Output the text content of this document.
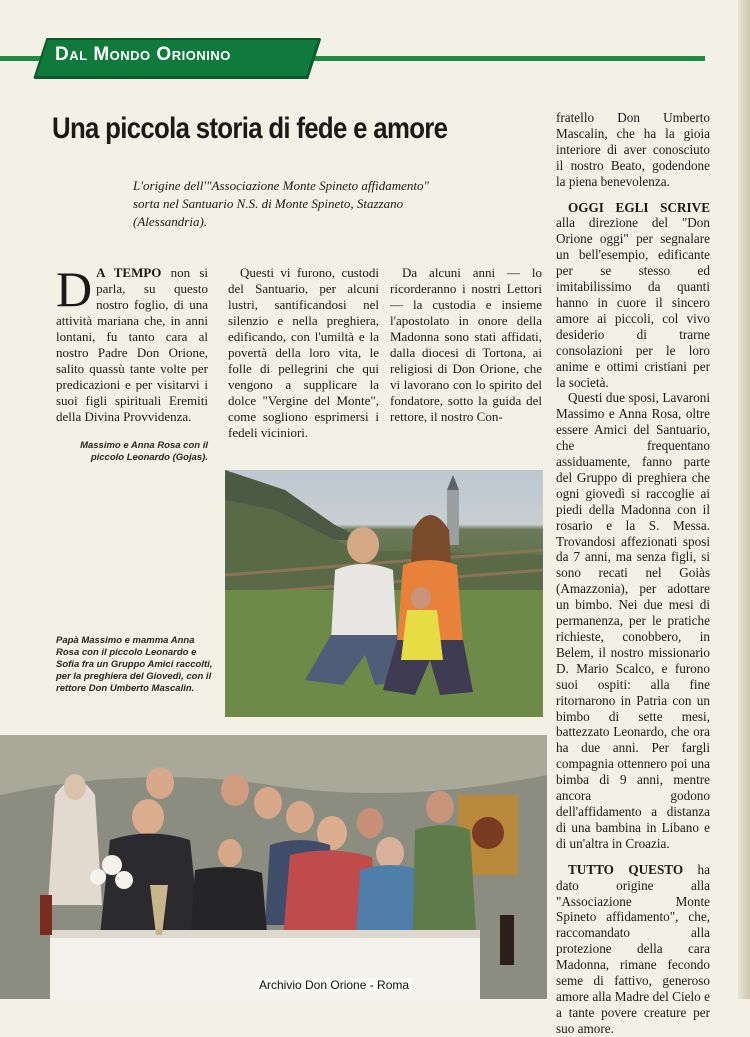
Dal Mondo Orionino
Una piccola storia di fede e amore
L'origine dell'"Associazione Monte Spineto affidamento" sorta nel Santuario N.S. di Monte Spineto, Stazzano (Alessandria).

D A TEMPO non si parla, su questo nostro foglio, di una attività mariana che, in anni lontani, fu tanto cara al nostro Padre Don Orione, salito quassù tante volte per predicazioni e per visitarvi i suoi figli spirituali Eremiti della Divina Provvidenza.

Questi vi furono, custodi del Santuario, per alcuni lustri, santificandosi nel silenzio e nella preghiera, edificando, con l'umiltà e la povertà della loro vita, le folle di pellegrini che qui vengono a supplicare la dolce "Vergine del Monte", come sogliono esprimersi i fedeli viciniori.

Da alcuni anni — lo ricorderanno i nostri Lettori — la custodia e insieme l'apostolato in onore della Madonna sono stati affidati, dalla diocesi di Tortona, ai religiosi di Don Orione, che vi lavorano con lo spirito del fondatore, sotto la guida del rettore, il nostro Con-

fratello Don Umberto Mascalin, che ha la gioia interiore di aver conosciuto il nostro Beato, godendone la piena benevolenza.

OGGI EGLI SCRIVE alla direzione del "Don Orione oggi" per segnalare un bell'esempio, edificante per se stesso ed imitabilissimo da quanti hanno in cuore il sincero amore ai piccoli, col vivo desiderio di trarne consolazioni per le loro anime e ottimi cristiani per la società.

Questi due sposi, Lavaroni Massimo e Anna Rosa, oltre essere Amici del Santuario, che frequentano assiduamente, fanno parte del Gruppo di preghiera che ogni giovedì si raccoglie ai piedi della Madonna con il rosario e la S. Messa. Trovandosi affezionati sposi da 7 anni, ma senza figli, si sono recati nel Goiàs (Amazzonia), per adottare un bimbo. Nei due mesi di permanenza, per le pratiche richieste, conobbero, in Belem, il nostro missionario D. Mario Scalco, e furono suoi ospiti: alla fine ritornarono in Patria con un bimbo di sette mesi, battezzato Leonardo, che ora ha due anni. Per fargli compagnia ottennero poi una bimba di 9 anni, mentre ancora godono dell'affidamento a distanza di una bambina in Libano e di un'altra in Croazia.

TUTTO QUESTO ha dato origine alla "Associazione Monte Spineto affidamento", che, raccomandato alla protezione della cara Madonna, rimane fecondo seme di fattivo, generoso amore alla Madre del Cielo e a tante povere creature per suo amore.

Massimo e Anna Rosa con il piccolo Leonardo (Gojas).
Papà Massimo e mamma Anna Rosa con il piccolo Leonardo e Sofia fra un Gruppo Amici raccolti, per la preghiera del Giovedì, con il rettore Don Umberto Mascalin.
Archivio Don Orione - Roma
